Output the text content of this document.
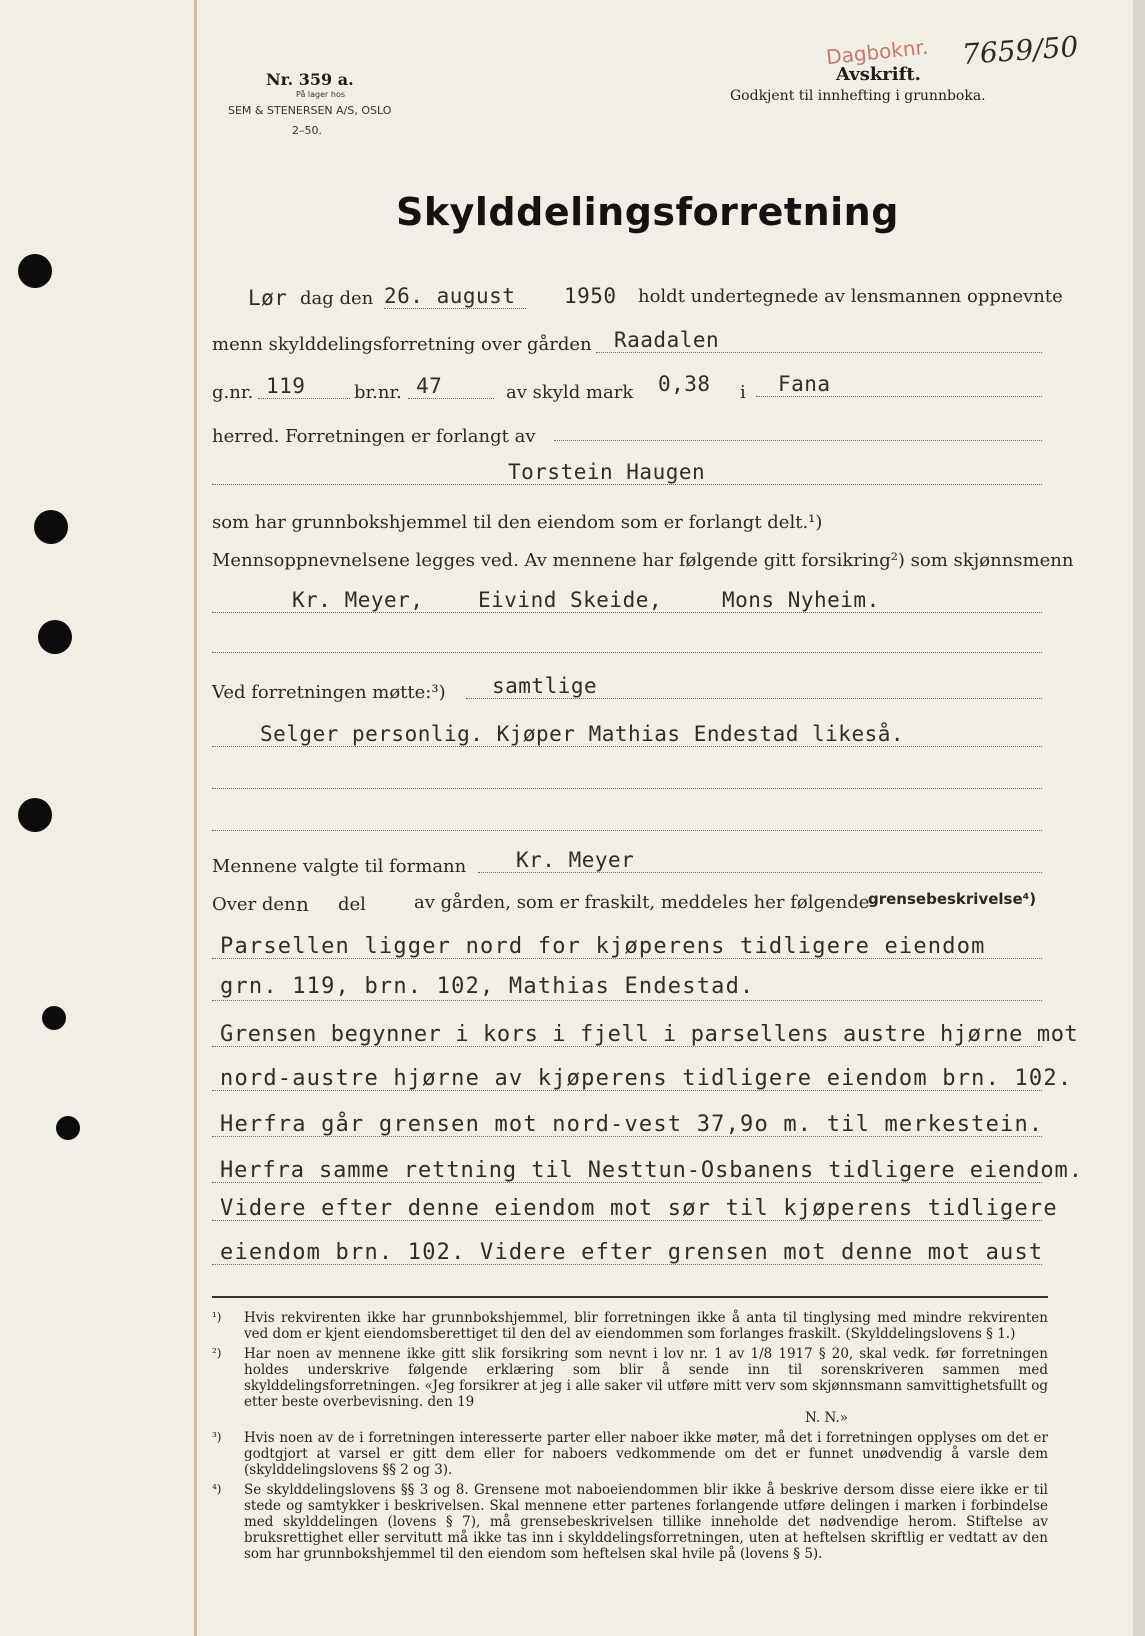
Nr. 359 a.
På lager hos
SEM & STENERSEN A/S, OSLO
2–50.
Dagboknr. 7659/50
Avskrift.
Godkjent til innhefting i grunnboka.
Skylddelingsforretning
Lør dag den 26. august 1950 holdt undertegnede av lensmannen oppnevnte
menn skylddelingsforretning over gården Raadalen
g.nr. 119	br.nr. 47	av skyld mark 0,38 i Fana
herred. Forretningen er forlangt av
Torstein Haugen
som har grunnbokshjemmel til den eiendom som er forlangt delt.¹)
Mennsoppnevnelsene legges ved. Av mennene har følgende gitt forsikring²) som skjønnsmenn
Kr. Meyer,	Eivind Skeide,	Mons Nyheim.
Ved forretningen møtte:³) samtlige
Selger personlig. Kjøper Mathias Endestad likeså.
Mennene valgte til formann Kr. Meyer
Over den n del	av gården, som er fraskilt, meddeles her følgende
grensebeskrivelse⁴)
Parsellen ligger nord for kjøperens tidligere eiendom
grn. 119, brn. 102, Mathias Endestad.
Grensen begynner i kors i fjell i parsellens austre hjørne mot
nord-austre hjørne av kjøperens tidligere eiendom brn. 102.
Herfra går grensen mot nord-vest 37,9o m. til merkestein.
Herfra samme rettning til Nesttun-Osbanens tidligere eiendom.
Videre efter denne eiendom mot sør til kjøperens tidligere
eiendom brn. 102. Videre efter grensen mot denne mot aust
¹) Hvis rekvirenten ikke har grunnbokshjemmel, blir forretningen ikke å anta til tinglysing med mindre rekvirenten ved dom er kjent eiendomsberettiget til den del av eiendommen som forlanges fraskilt. (Skylddelingslovens § 1.)
²) Har noen av mennene ikke gitt slik forsikring som nevnt i lov nr. 1 av 1/8 1917 § 20, skal vedk. før forretningen holdes underskrive følgende erklæring som blir å sende inn til sorenskriveren sammen med skylddelingsforretningen. «Jeg forsikrer at jeg i alle saker vil utføre mitt verv som skjønnsmann samvittighetsfullt og etter beste overbevisning. den 19
N. N.»
³) Hvis noen av de i forretningen interesserte parter eller naboer ikke møter, må det i forretningen opplyses om det er godtgjort at varsel er gitt dem eller for naboers vedkommende om det er funnet unødvendig å varsle dem (skylddelingslovens §§ 2 og 3).
⁴) Se skylddelingslovens §§ 3 og 8. Grensene mot naboeiendommen blir ikke å beskrive dersom disse eiere ikke er til stede og samtykker i beskrivelsen. Skal mennene etter partenes forlangende utføre delingen i marken i forbindelse med skylddelingen (lovens § 7), må grensebeskrivelsen tillike inneholde det nødvendige herom. Stiftelse av bruksrettighet eller servitutt må ikke tas inn i skylddelingsforretningen, uten at heftelsen skriftlig er vedtatt av den som har grunnbokshjemmel til den eiendom som heftelsen skal hvile på (lovens § 5).
